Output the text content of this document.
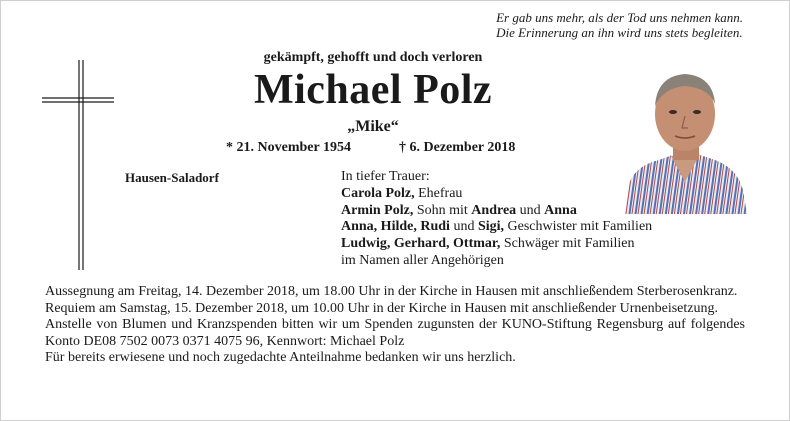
Er gab uns mehr, als der Tod uns nehmen kann.
Die Erinnerung an ihn wird uns stets begleiten.
gekämpft, gehofft und doch verloren
Michael Polz
„Mike“
* 21. November 1954	† 6. Dezember 2018
Hausen-Saladorf	In tiefer Trauer:
Carola Polz, Ehefrau
Armin Polz, Sohn mit Andrea und Anna
Anna, Hilde, Rudi und Sigi, Geschwister mit Familien
Ludwig, Gerhard, Ottmar, Schwäger mit Familien
im Namen aller Angehörigen

Aussegnung am Freitag, 14. Dezember 2018, um 18.00 Uhr in der Kirche in Hausen mit anschließendem Sterberosenkranz.

Requiem am Samstag, 15. Dezember 2018, um 10.00 Uhr in der Kirche in Hausen mit anschließender Urnenbeisetzung.

Anstelle von Blumen und Kranzspenden bitten wir um Spenden zugunsten der KUNO-Stiftung Regensburg auf folgendes Konto DE08 7502 0073 0371 4075 96, Kennwort: Michael Polz

Für bereits erwiesene und noch zugedachte Anteilnahme bedanken wir uns herzlich.
